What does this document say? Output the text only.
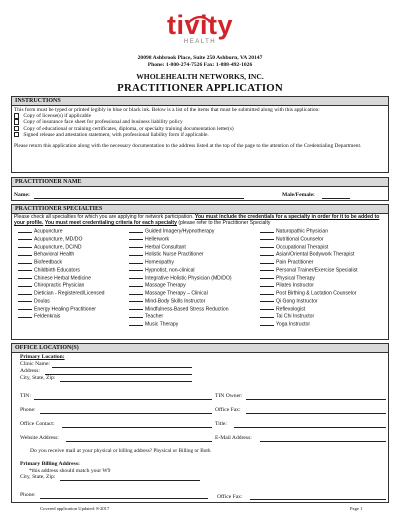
tivity
HEALTH
20098 Ashbrook Place, Suite 250 Ashburn, VA 20147
Phone: 1-800-274-7526 Fax: 1-888-492-1026
WHOLEHEALTH NETWORKS, INC.
PRACTITIONER APPLICATION
INSTRUCTIONS
This form must be typed or printed legibly in blue or black ink. Below is a list of the items that must be submitted along with this application:
Copy of license(s) if applicable
Copy of insurance face sheet for professional and business liability policy
Copy of educational or training certificates, diploma, or specialty training documentation letter(s)
Signed release and attestation statement, with professional liability form if applicable.
Please return this application along with the necessary documentation to the address listed at the top of the page to the attention of the Credentialing Department.
PRACTITIONER NAME
Name:	Male/Female:
PRACTITIONER SPECIALTIES
Please check all specialties for which you are applying for network participation. You must include the credentials for a specialty in order for it to be added to your profile. You must meet credentialing criteria for each specialty (please refer to the Practitioner Specialty
Acupuncture
Acupuncture, MD/DO
Acupuncture, DC/ND
Behavioral Health
Biofeedback
Childbirth Educators
Chinese Herbal Medicine
Chiropractic Physician
Dietician - Registered/Licensed
Doulas
Energy Healing Practitioner
Feldenkrais
Guided Imagery/Hypnotherapy
Hellerwork
Herbal Consultant
Holistic Nurse Practitioner
Homeopathy
Hypnotist, non-clinical
Integrative Holistic Physician (MD/DO)
Massage Therapy
Massage Therapy – Clinical
Mind-Body Skills Instructor
Mindfulness-Based Stress Reduction
Teacher
Music Therapy
Naturopathic Physician
Nutritional Counselor
Occupational Therapist
Asian/Oriental Bodywork Therapist
Pain Practitioner
Personal Trainer/Exercise Specialist
Physical Therapy
Pilates Instructor
Post Birthing & Lactation Counselor
Qi Gong Instructor
Reflexologist
Tai Chi Instructor
Yoga Instructor
OFFICE LOCATION(S)
Primary Location:
Clinic Name:
Address:
City, State, Zip:
TIN:	TIN Owner:
Phone:	Office Fax:
Office Contact:	Title:
Website Address:	E-Mail Address:
Do you receive mail at your physical or billing address? Physical or Billing or Both
Primary Billing Address:
*this address should match your W9
City, State, Zip:
Phone:	Office Fax:
Covered application Updated: 8-2017	Page 1
